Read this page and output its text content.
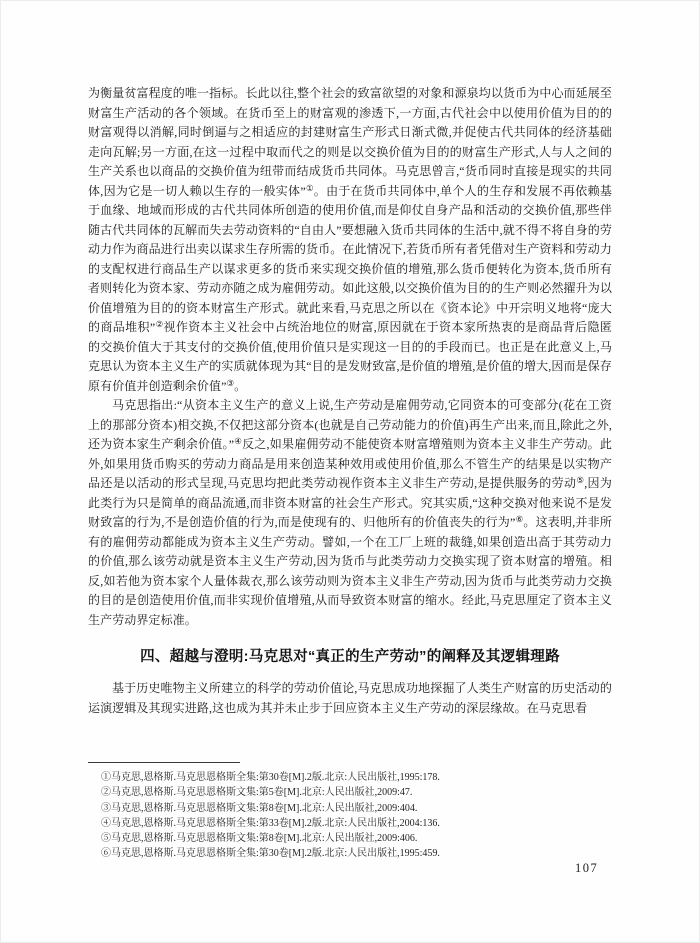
为衡量贫富程度的唯一指标。长此以往,整个社会的致富欲望的对象和源泉均以货币为中心而延展至财富生产活动的各个领域。在货币至上的财富观的渗透下,一方面,古代社会中以使用价值为目的的财富观得以消解,同时倒逼与之相适应的封建财富生产形式日渐式微,并促使古代共同体的经济基础走向瓦解;另一方面,在这一过程中取而代之的则是以交换价值为目的的财富生产形式,人与人之间的生产关系也以商品的交换价值为纽带而结成货币共同体。马克思曾言,“货币同时直接是现实的共同体,因为它是一切人赖以生存的一般实体”①。由于在货币共同体中,单个人的生存和发展不再依赖基于血缘、地域而形成的古代共同体所创造的使用价值,而是仰仗自身产品和活动的交换价值,那些伴随古代共同体的瓦解而失去劳动资料的“自由人”要想融入货币共同体的生活中,就不得不将自身的劳动力作为商品进行出卖以谋求生存所需的货币。在此情况下,若货币所有者凭借对生产资料和劳动力的支配权进行商品生产以谋求更多的货币来实现交换价值的增殖,那么货币便转化为资本,货币所有者则转化为资本家、劳动亦随之成为雇佣劳动。如此这般,以交换价值为目的的生产则必然擢升为以价值增殖为目的的资本财富生产形式。就此来看,马克思之所以在《资本论》中开宗明义地将“庞大的商品堆积”②视作资本主义社会中占统治地位的财富,原因就在于资本家所热衷的是商品背后隐匿的交换价值大于其支付的交换价值,使用价值只是实现这一目的的手段而已。也正是在此意义上,马克思认为资本主义生产的实质就体现为其“目的是发财致富,是价值的增殖,是价值的增大,因而是保存原有价值并创造剩余价值”③。

马克思指出:“从资本主义生产的意义上说,生产劳动是雇佣劳动,它同资本的可变部分(花在工资上的那部分资本)相交换,不仅把这部分资本(也就是自己劳动能力的价值)再生产出来,而且,除此之外,还为资本家生产剩余价值。”④反之,如果雇佣劳动不能使资本财富增殖则为资本主义非生产劳动。此外,如果用货币购买的劳动力商品是用来创造某种效用或使用价值,那么不管生产的结果是以实物产品还是以活动的形式呈现,马克思均把此类劳动视作资本主义非生产劳动,是提供服务的劳动⑤,因为此类行为只是简单的商品流通,而非资本财富的社会生产形式。究其实质,“这种交换对他来说不是发财致富的行为,不是创造价值的行为,而是使现有的、归他所有的价值丧失的行为”⑥。这表明,并非所有的雇佣劳动都能成为资本主义生产劳动。譬如,一个在工厂上班的裁缝,如果创造出高于其劳动力的价值,那么该劳动就是资本主义生产劳动,因为货币与此类劳动力交换实现了资本财富的增殖。相反,如若他为资本家个人量体裁衣,那么该劳动则为资本主义非生产劳动,因为货币与此类劳动力交换的目的是创造使用价值,而非实现价值增殖,从而导致资本财富的缩水。经此,马克思厘定了资本主义生产劳动界定标准。

四、超越与澄明:马克思对“真正的生产劳动”的阐释及其逻辑理路

基于历史唯物主义所建立的科学的劳动价值论,马克思成功地探掘了人类生产财富的历史活动的运演逻辑及其现实进路,这也成为其并未止步于回应资本主义生产劳动的深层缘故。在马克思看

①马克思,恩格斯.马克思恩格斯全集:第30卷[M].2版.北京:人民出版社,1995:178.
②马克思,恩格斯.马克思恩格斯文集:第5卷[M].北京:人民出版社,2009:47.
③马克思,恩格斯.马克思恩格斯文集:第8卷[M].北京:人民出版社,2009:404.
④马克思,恩格斯.马克思恩格斯全集:第33卷[M].2版.北京:人民出版社,2004:136.
⑤马克思,恩格斯.马克思恩格斯文集:第8卷[M].北京:人民出版社,2009:406.
⑥马克思,恩格斯.马克思恩格斯全集:第30卷[M].2版.北京:人民出版社,1995:459.
107
